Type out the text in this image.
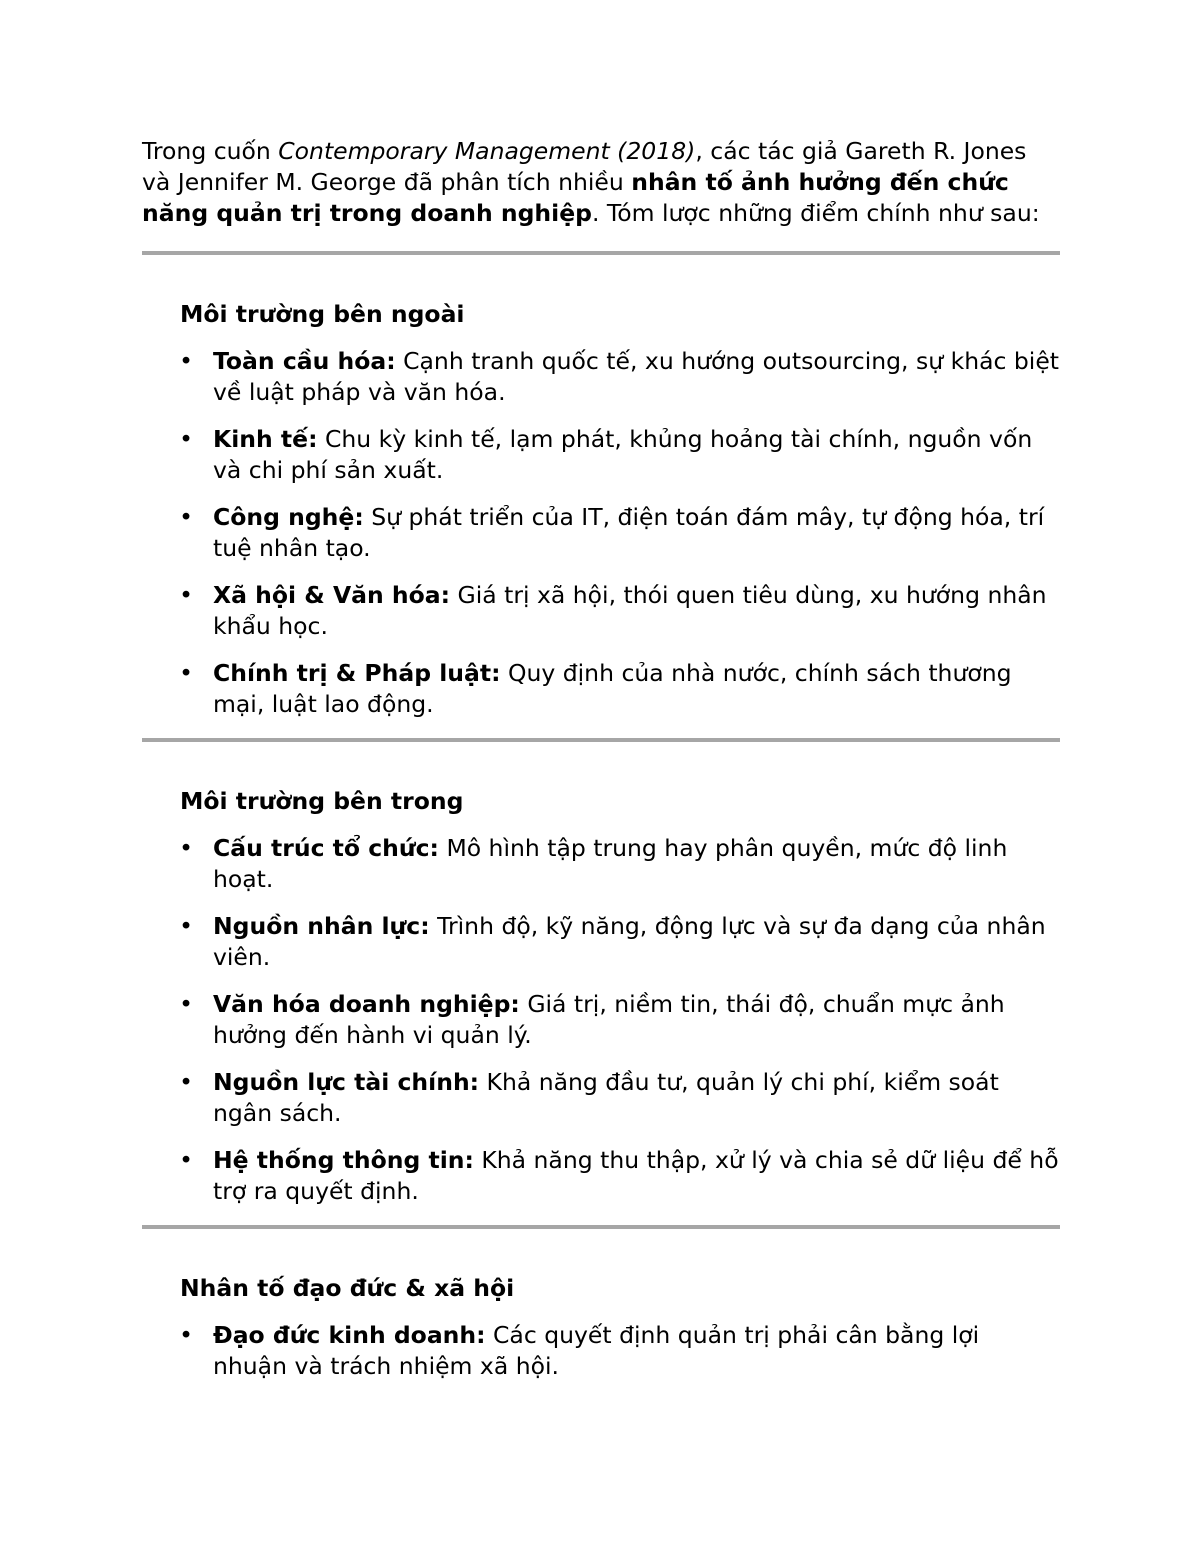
Trong cuốn Contemporary Management (2018), các tác giả Gareth R. Jones và Jennifer M. George đã phân tích nhiều nhân tố ảnh hưởng đến chức năng quản trị trong doanh nghiệp. Tóm lược những điểm chính như sau:

Môi trường bên ngoài

• Toàn cầu hóa: Cạnh tranh quốc tế, xu hướng outsourcing, sự khác biệt về luật pháp và văn hóa.
• Kinh tế: Chu kỳ kinh tế, lạm phát, khủng hoảng tài chính, nguồn vốn và chi phí sản xuất.
• Công nghệ: Sự phát triển của IT, điện toán đám mây, tự động hóa, trí tuệ nhân tạo.
• Xã hội & Văn hóa: Giá trị xã hội, thói quen tiêu dùng, xu hướng nhân khẩu học.
• Chính trị & Pháp luật: Quy định của nhà nước, chính sách thương mại, luật lao động.

Môi trường bên trong

• Cấu trúc tổ chức: Mô hình tập trung hay phân quyền, mức độ linh hoạt.
• Nguồn nhân lực: Trình độ, kỹ năng, động lực và sự đa dạng của nhân viên.
• Văn hóa doanh nghiệp: Giá trị, niềm tin, thái độ, chuẩn mực ảnh hưởng đến hành vi quản lý.
• Nguồn lực tài chính: Khả năng đầu tư, quản lý chi phí, kiểm soát ngân sách.
• Hệ thống thông tin: Khả năng thu thập, xử lý và chia sẻ dữ liệu để hỗ trợ ra quyết định.

Nhân tố đạo đức & xã hội

• Đạo đức kinh doanh: Các quyết định quản trị phải cân bằng lợi nhuận và trách nhiệm xã hội.
